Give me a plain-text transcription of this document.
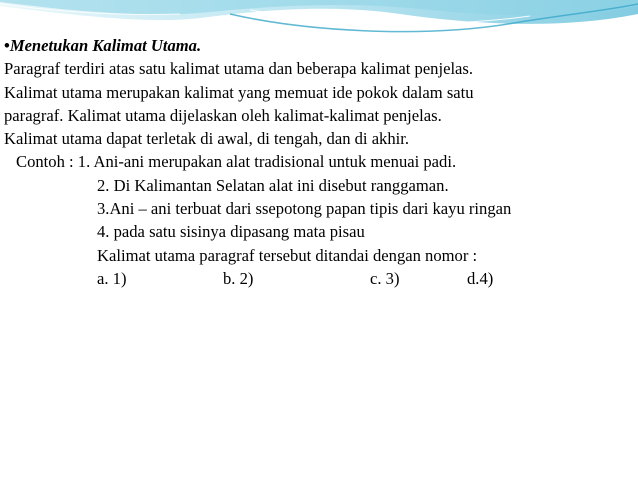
•Menetukan Kalimat Utama.
Paragraf terdiri atas satu kalimat utama dan beberapa kalimat penjelas.
Kalimat utama merupakan kalimat yang memuat ide pokok dalam satu
paragraf. Kalimat utama dijelaskan oleh kalimat-kalimat penjelas.
Kalimat utama dapat terletak di awal, di tengah, dan di akhir.
Contoh : 1. Ani-ani merupakan alat tradisional untuk menuai padi.
2. Di Kalimantan Selatan alat ini disebut ranggaman.
3.Ani – ani terbuat dari ssepotong papan tipis dari kayu ringan
4. pada satu sisinya dipasang mata pisau
Kalimat utama paragraf tersebut ditandai dengan nomor :
a. 1)	b. 2)	c. 3)	d.4)
